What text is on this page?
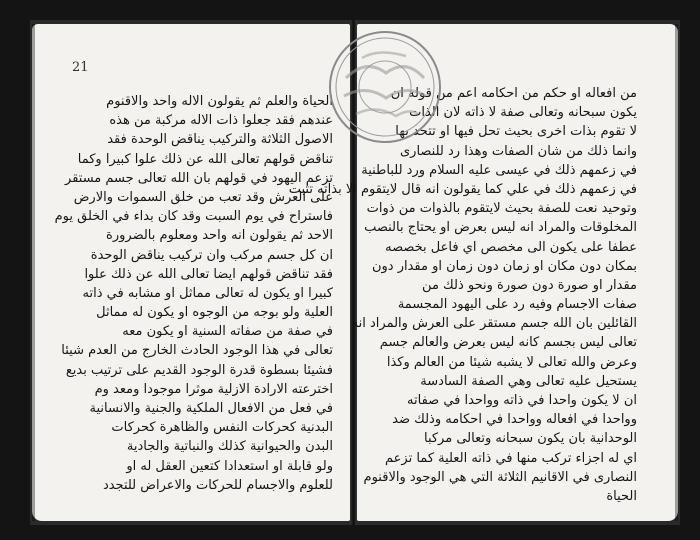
21
الحياة والعلم ثم يقولون الاله واحد والاقنوم
عندهم فقد جعلوا ذات الاله مركبة من هذه
الاصول الثلاثة والتركيب يناقض الوحدة فقد
تناقض قولهم تعالى الله عن ذلك علوا كبيرا وكما
تزعم اليهود في قولهم بان الله تعالى جسم مستقر
على العرش وقد تعب من خلق السموات والارض
فاستراح في يوم السبت وقد كان بداء في الخلق يوم
الاحد ثم يقولون انه واحد ومعلوم بالضرورة
ان كل جسم مركب وان تركيب يناقض الوحدة
فقد تناقض قولهم ايضا تعالى الله عن ذلك علوا
كبيرا او يكون له تعالى مماثل او مشابه في ذاته
العلية ولو بوجه من الوجوه او يكون له مماثل
في صفة من صفاته السنية او يكون معه
تعالى في هذا الوجود الحادث الخارج من العدم شيئا
فشيئا بسطوة قدرة الوجود القديم على ترتيب بديع
اخترعته الارادة الازلية موثرا موجودا ومعد وم
في فعل من الافعال الملكية والجنية والانسانية
البدنية كحركات النفس والظاهرة كحركات
البدن والحيوانية كذلك والنباتية والجادية
ولو قابلة او استعدادا كتعين العقل له او
للعلوم والاجسام للحركات والاعراض للتجدد
من افعاله او حكم من احكامه اعم من قوله ان
يكون سبحانه وتعالى صفة لا ذاته لان الذات
لا تقوم بذات اخرى بحيث تحل فيها او تتحد بها
وانما ذلك من شان الصفات وهذا رد للنصارى
في زعمهم ذلك في عيسى عليه السلام ورد للباطنية
في زعمهم ذلك في علي كما يقولون انه قال لايتقوم الا بذاته تثبت
وتوحيد نعت للصفة بحيث لايتقوم بالذوات من ذوات
المخلوقات والمراد انه ليس بعرض او يحتاج بالنصب
عطفا على يكون الى مخصص اي فاعل بخصصه
بمكان دون مكان او زمان دون زمان او مقدار دون
مقدار او صورة دون صورة ونحو ذلك من
صفات الاجسام وفيه رد على اليهود المجسمة
القائلين بان الله جسم مستقر على العرش والمراد انه
تعالى ليس بجسم كانه ليس بعرض والعالم جسم
وعرض والله تعالى لا يشبه شيئا من العالم وكذا
يستحيل عليه تعالى وهي الصفة السادسة
ان لا يكون واحدا في ذاته وواحدا في صفاته
وواحدا في افعاله وواحدا في احكامه وذلك ضد
الوحدانية بان يكون سبحانه وتعالى مركبا
اي له اجزاء تركب منها في ذاته العلية كما تزعم
النصارى في الاقانيم الثلاثة التي هي الوجود والاقنوم
الحياة
